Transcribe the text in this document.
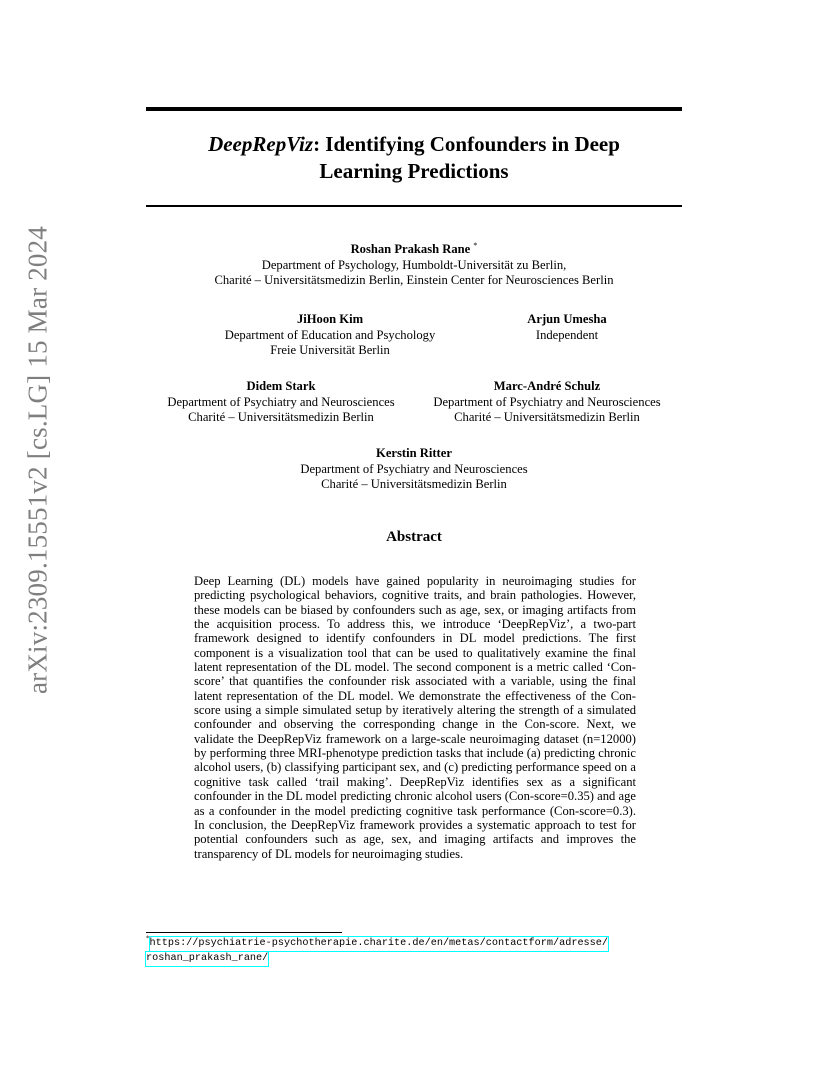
arXiv:2309.15551v2 [cs.LG] 15 Mar 2024
DeepRepViz: Identifying Confounders in Deep
Learning Predictions
Roshan Prakash Rane *
Department of Psychology, Humboldt-Universität zu Berlin,
Charité – Universitätsmedizin Berlin, Einstein Center for Neurosciences Berlin
JiHoon Kim
Department of Education and Psychology
Freie Universität Berlin
Arjun Umesha
Independent
Didem Stark
Department of Psychiatry and Neurosciences
Charité – Universitätsmedizin Berlin
Marc-André Schulz
Department of Psychiatry and Neurosciences
Charité – Universitätsmedizin Berlin
Kerstin Ritter
Department of Psychiatry and Neurosciences
Charité – Universitätsmedizin Berlin
Abstract
Deep Learning (DL) models have gained popularity in neuroimaging studies for predicting psychological behaviors, cognitive traits, and brain pathologies. However, these models can be biased by confounders such as age, sex, or imaging artifacts from the acquisition process. To address this, we introduce ‘DeepRepViz’, a two-part framework designed to identify confounders in DL model predictions. The first component is a visualization tool that can be used to qualitatively examine the final latent representation of the DL model. The second component is a metric called ‘Con-score’ that quantifies the confounder risk associated with a variable, using the final latent representation of the DL model. We demonstrate the effectiveness of the Con-score using a simple simulated setup by iteratively altering the strength of a simulated confounder and observing the corresponding change in the Con-score. Next, we validate the DeepRepViz framework on a large-scale neuroimaging dataset (n=12000) by performing three MRI-phenotype prediction tasks that include (a) predicting chronic alcohol users, (b) classifying participant sex, and (c) predicting performance speed on a cognitive task called ‘trail making’. DeepRepViz identifies sex as a significant confounder in the DL model predicting chronic alcohol users (Con-score=0.35) and age as a confounder in the model predicting cognitive task performance (Con-score=0.3). In conclusion, the DeepRepViz framework provides a systematic approach to test for potential confounders such as age, sex, and imaging artifacts and improves the transparency of DL models for neuroimaging studies.
*https://psychiatrie-psychotherapie.charite.de/en/metas/contactform/adresse/
roshan_prakash_rane/
